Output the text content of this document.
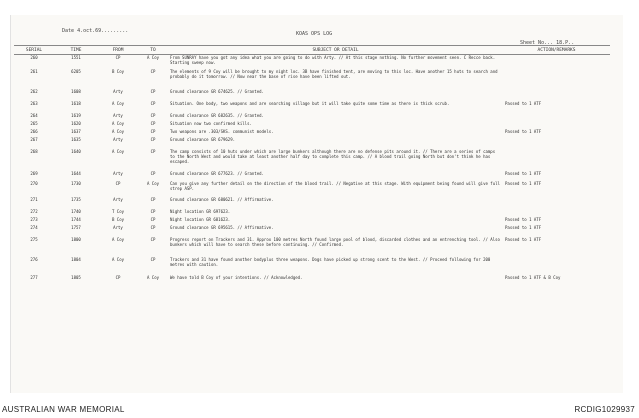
Date 4.oct.69.........	KOAS OPS LOG
Sheet No... 18.P..
SERIAL	TIME	FROM	TO	SUBJECT OR DETAIL	ACTION/REMARKS
260	1551	CP	A Coy	From SUNRAY have you got any idea what you are going to do with Arty. // At this stage nothing. No further movement seen. C Recce back. Starting sweep now.	
261	6205	B Coy	CP	The elements of 9 Coy will be brought to my night loc. 3B have finished tent, are moving to this loc. Have another 15 huts to search and probably do it tomorrow. // Now near the base of rise have been lifted out.	
262	1608	Arty	CP	Ground clearance GR 674625. // Granted.	
263	1618	A Coy	CP	Situation. One body, two weapons and are searching village but it will take quite some time as there is thick scrub.	Passed to 1 ATF
264	1619	Arty	CP	Ground clearance GR 682635. // Granted.	
265	1620	A Coy	CP	Situation now two confirmed kills.	
266	1637	A Coy	CP	Two weapons are .303/SKS. communist models.	Passed to 1 ATF
267	1635	Arty	CP	Ground clearance GR 679629.	
268	1640	A Coy	CP	The camp consists of 10 huts under which are large bunkers although there are no defense pits around it. // There are a series of camps to the North West and would take at least another half day to complete this camp. // A blood trail going North but don't think he has escaped.	
269	1644	Arty	CP	Ground clearance GR 677623. // Granted.	Passed to 1 ATF
270	1730	CP	A Coy	Can you give any further detail on the direction of the blood trail. // Negative at this stage. With equipment being found will give full strep ASP.	Passed to 1 ATF
271	1735	Arty	CP	Ground clearance GR 680621. // Affirmative.	
272	1740	T Coy	CP	Night location GR 697623.	
273	1744	B Coy	CP	Night location GR 681623.	Passed to 1 ATF
274	1757	Arty	CP	Ground clearance GR 695615. // Affirmative.	Passed to 1 ATF
275	1800	A Coy	CP	Progress report on Trackers and 31. Approx 100 metres North found large pool of blood, discarded clothes and an entrenching tool. // Also bunkers which will have to search these before continuing. // Confirmed.	Passed to 1 ATF
276	1804	A Coy	CP	Trackers and 31 have found another bodyplus three weapons. Dogs have picked up strong scent to the West. // Proceed following for 200 metres with caution.	
277	1805	CP	A Coy	We have told B Coy of your intentions. // Acknowledged.	Passed to 1 ATF & B Coy
AUSTRALIAN WAR MEMORIAL	RCDIG1029937
